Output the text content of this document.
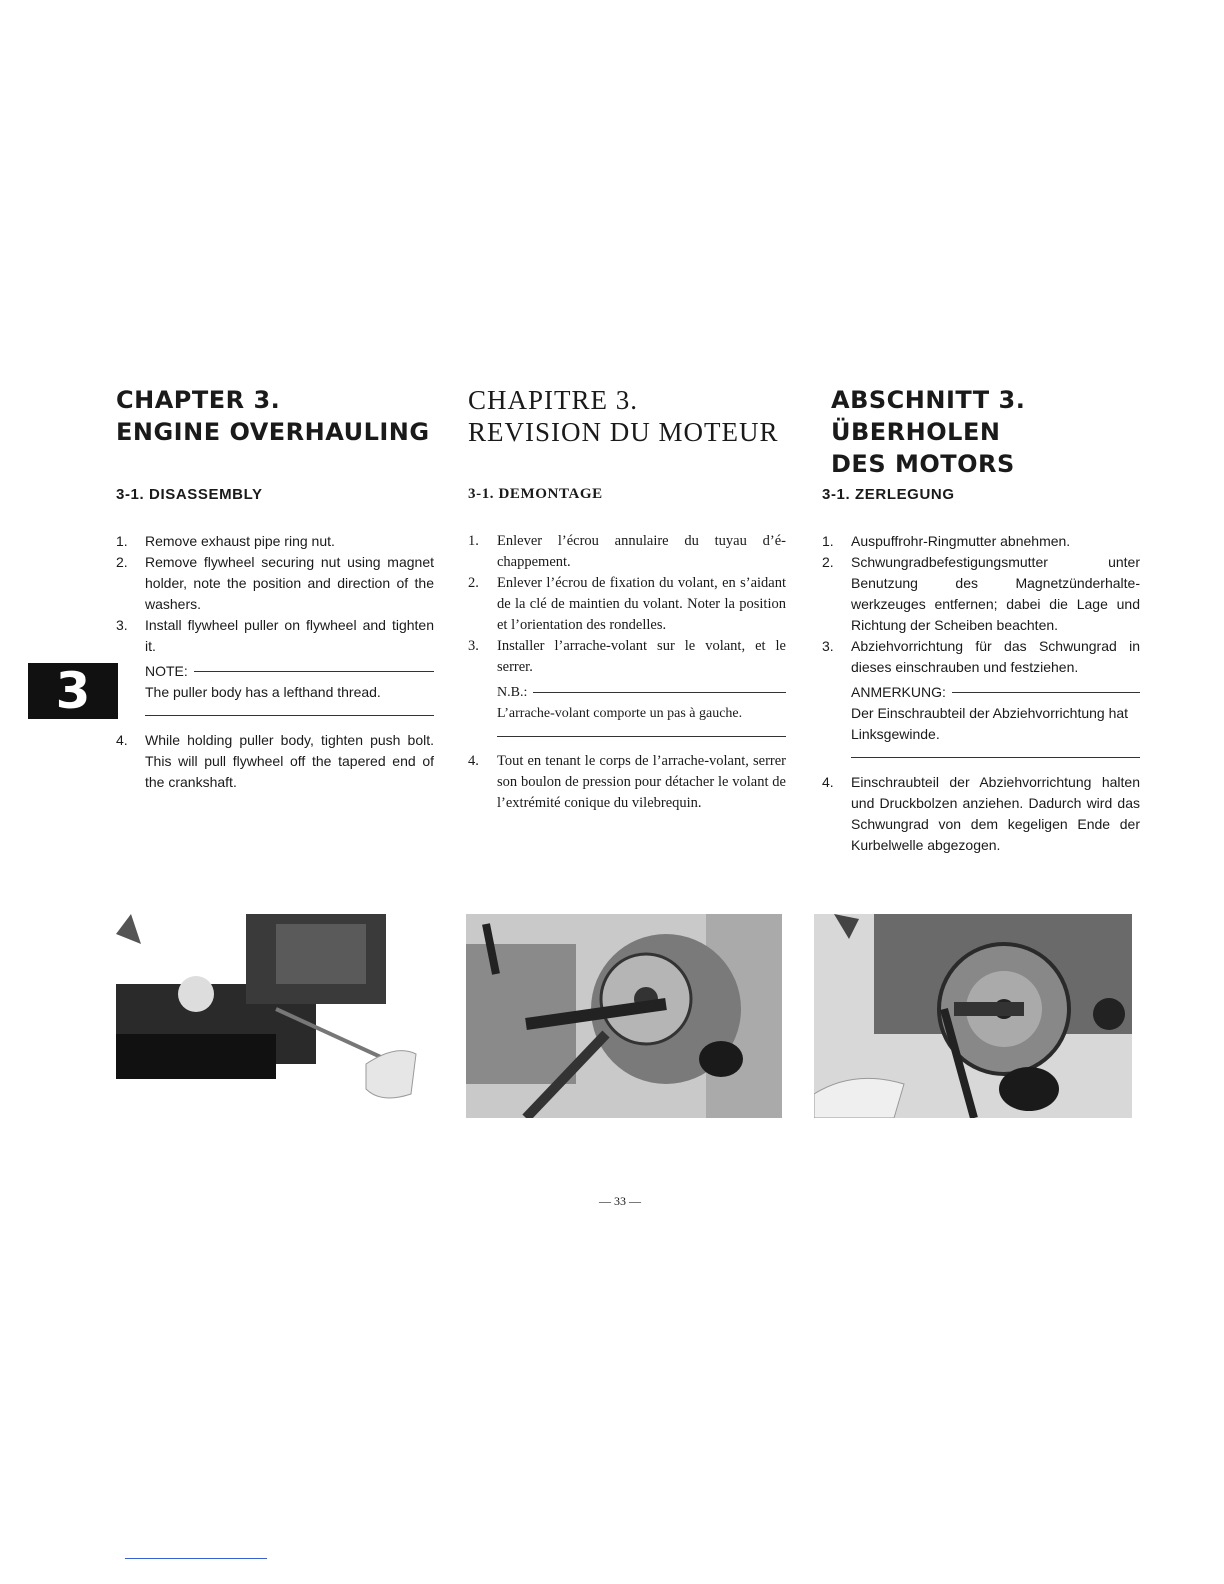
3
CHAPTER 3.
ENGINE OVERHAULING
3-1. DISASSEMBLY
1. Remove exhaust pipe ring nut.
2. Remove flywheel securing nut using magnet holder, note the position and direction of the washers.
3. Install flywheel puller on flywheel and tighten it.
NOTE:
The puller body has a lefthand thread.
4. While holding puller body, tighten push bolt. This will pull flywheel off the tapered end of the crankshaft.
CHAPITRE 3.
REVISION DU MOTEUR
3-1. DEMONTAGE
1. Enlever l’écrou annulaire du tuyau d’échappement.
2. Enlever l’écrou de fixation du volant, en s’aidant de la clé de maintien du volant. Noter la position et l’orientation des rondelles.
3. Installer l’arrache-volant sur le volant, et le serrer.
N.B.:
L’arrache-volant comporte un pas à gauche.
4. Tout en tenant le corps de l’arrache-volant, serrer son boulon de pression pour détacher le volant de l’extrémité conique du vilebrequin.
ABSCHNITT 3.
ÜBERHOLEN
DES MOTORS
3-1. ZERLEGUNG
1. Auspuffrohr-Ringmutter abnehmen.
2. Schwungradbefestigungsmutter unter Benutzung des Magnetzünderhaltewerkzeuges entfernen; dabei die Lage und Richtung der Scheiben beachten.
3. Abziehvorrichtung für das Schwungrad in dieses einschrauben und festziehen.
ANMERKUNG:
Der Einschraubteil der Abziehvorrichtung hat Linksgewinde.
4. Einschraubteil der Abziehvorrichtung halten und Druckbolzen anziehen. Dadurch wird das Schwungrad von dem kegeligen Ende der Kurbelwelle abgezogen.
— 33 —
